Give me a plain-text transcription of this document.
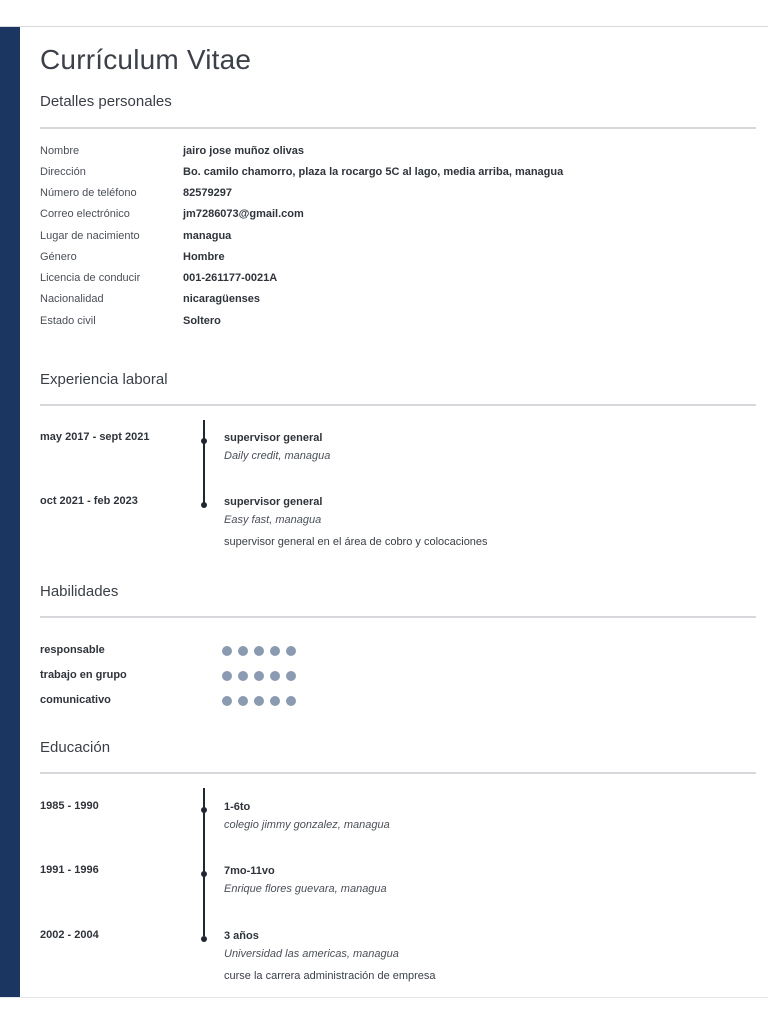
Currículum Vitae
Detalles personales
Nombre	jairo jose muñoz olivas
Dirección	Bo. camilo chamorro, plaza la rocargo 5C al lago, media arriba, managua
Número de teléfono	82579297
Correo electrónico	jm7286073@gmail.com
Lugar de nacimiento	managua
Género	Hombre
Licencia de conducir	001-261177-0021A
Nacionalidad	nicaragüenses
Estado civil	Soltero
Experiencia laboral
may 2017 - sept 2021	supervisor general
Daily credit, managua
oct 2021 - feb 2023	supervisor general
Easy fast, managua
supervisor general en el área de cobro y colocaciones
Habilidades
responsable
trabajo en grupo
comunicativo
Educación
1985 - 1990	1-6to
colegio jimmy gonzalez, managua
1991 - 1996	7mo-11vo
Enrique flores guevara, managua
2002 - 2004	3 años
Universidad las americas, managua
curse la carrera administración de empresa
